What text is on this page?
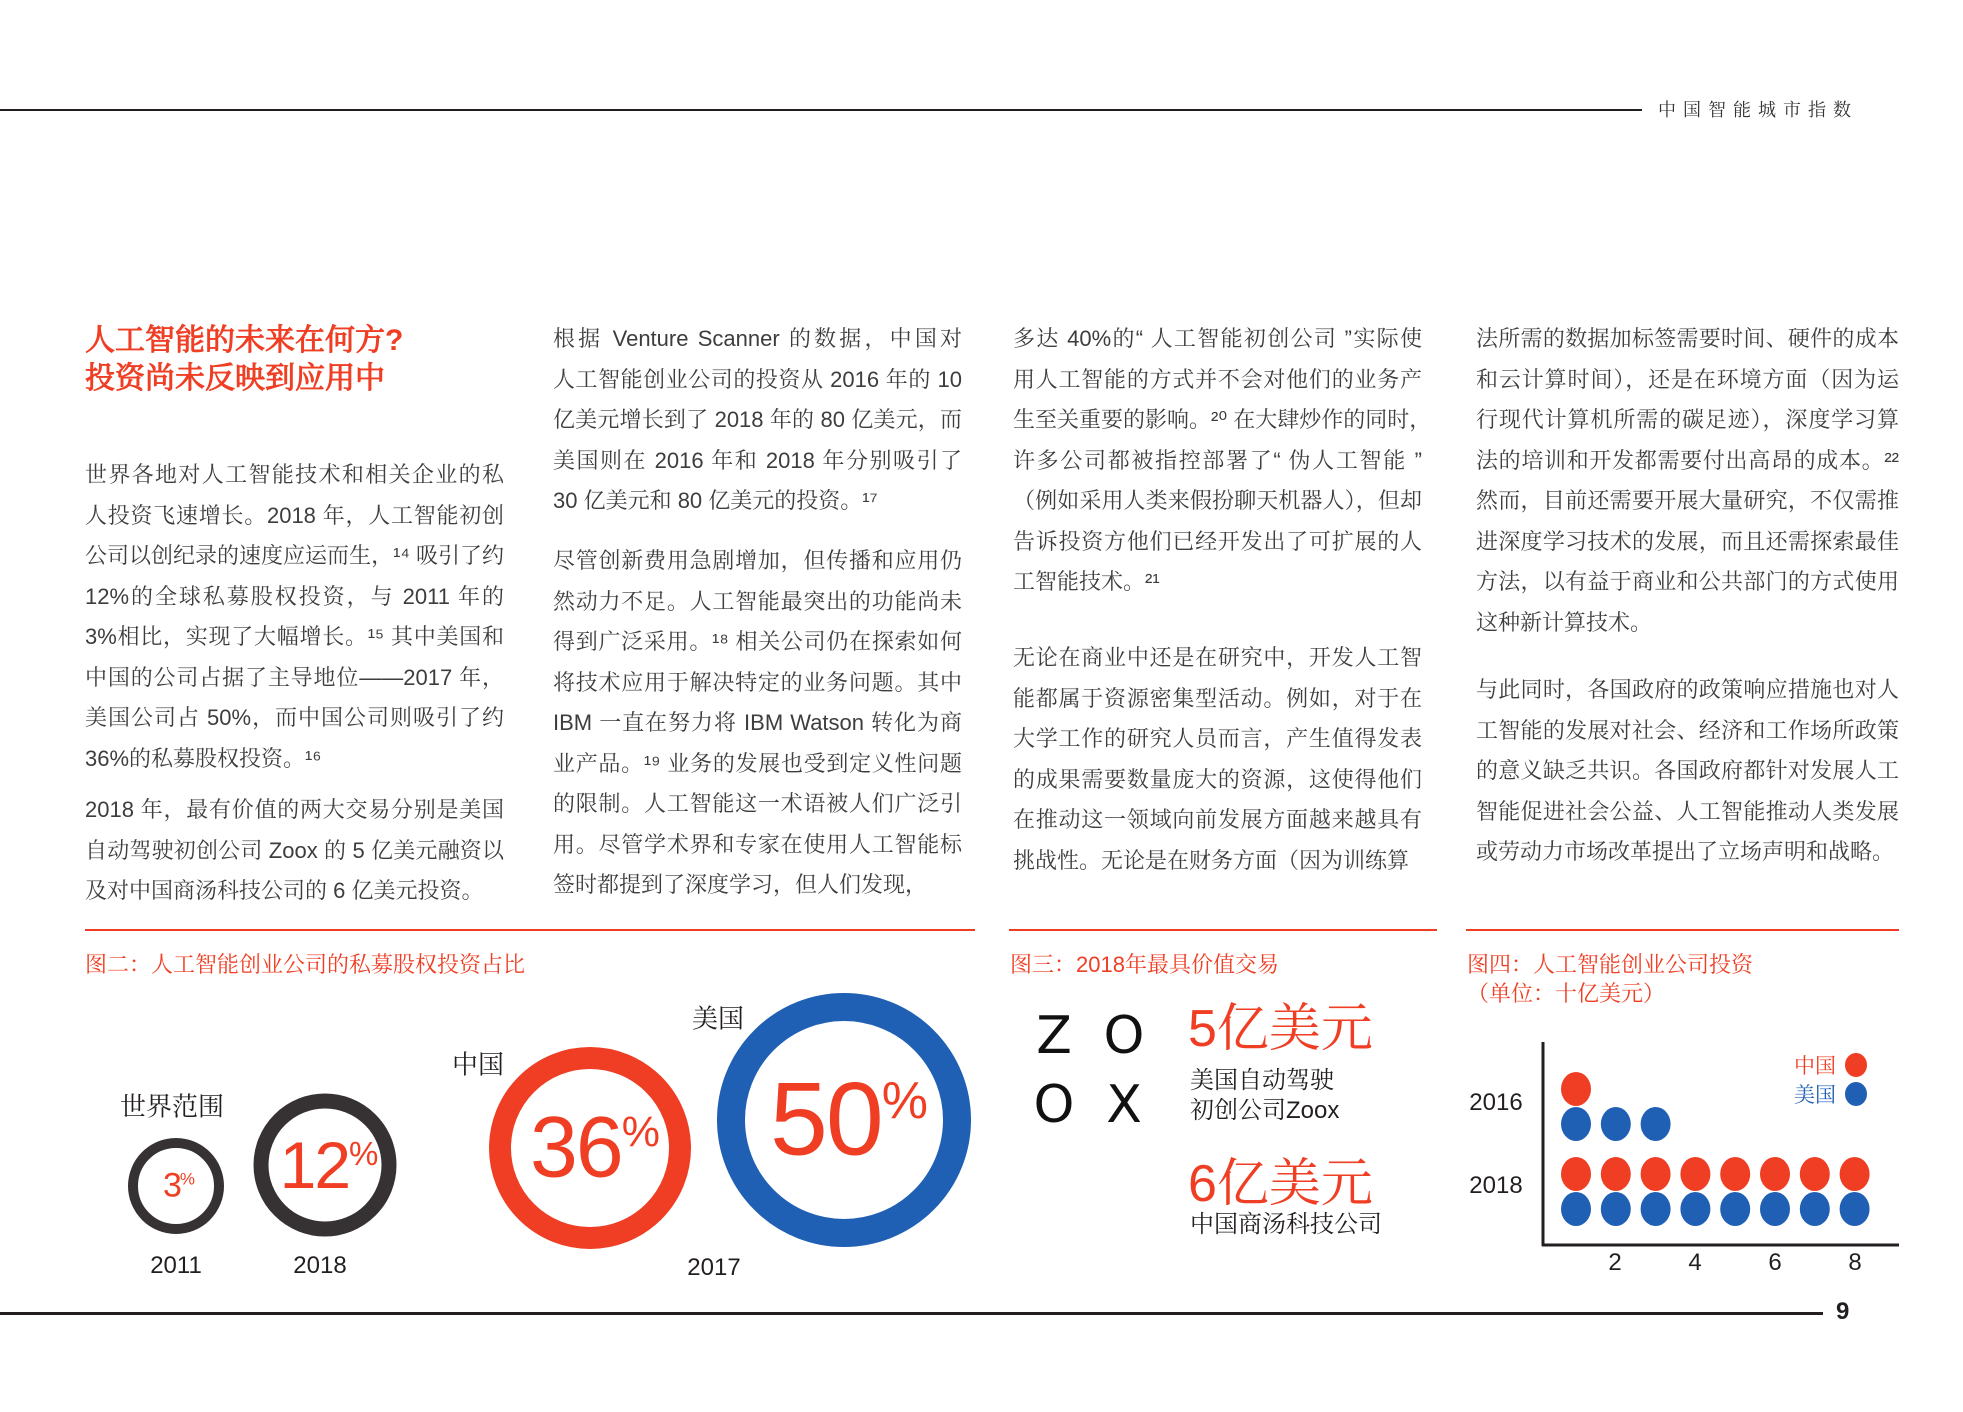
中国智能城市指数
人工智能的未来在何方?
投资尚未反映到应用中
世界各地对人工智能技术和相关企业的私
人投资飞速增长。2018 年，人工智能初创
公司以创纪录的速度应运而生，¹⁴ 吸引了约
12%的全球私募股权投资，与 2011 年的
3%相比，实现了大幅增长。¹⁵ 其中美国和
中国的公司占据了主导地位——2017 年，
美国公司占 50%，而中国公司则吸引了约
36%的私募股权投资。¹⁶
2018 年，最有价值的两大交易分别是美国
自动驾驶初创公司 Zoox 的 5 亿美元融资以
及对中国商汤科技公司的 6 亿美元投资。
根据 Venture Scanner 的数据，中国对
人工智能创业公司的投资从 2016 年的 10
亿美元增长到了 2018 年的 80 亿美元，而
美国则在 2016 年和 2018 年分别吸引了
30 亿美元和 80 亿美元的投资。¹⁷
尽管创新费用急剧增加，但传播和应用仍
然动力不足。人工智能最突出的功能尚未
得到广泛采用。¹⁸ 相关公司仍在探索如何
将技术应用于解决特定的业务问题。其中
IBM 一直在努力将 IBM Watson 转化为商
业产品。¹⁹ 业务的发展也受到定义性问题
的限制。人工智能这一术语被人们广泛引
用。尽管学术界和专家在使用人工智能标
签时都提到了深度学习，但人们发现，
多达 40%的“ 人工智能初创公司 ”实际使
用人工智能的方式并不会对他们的业务产
生至关重要的影响。²⁰ 在大肆炒作的同时，
许多公司都被指控部署了“ 伪人工智能 ”
（例如采用人类来假扮聊天机器人），但却
告诉投资方他们已经开发出了可扩展的人
工智能技术。²¹
无论在商业中还是在研究中，开发人工智
能都属于资源密集型活动。例如，对于在
大学工作的研究人员而言，产生值得发表
的成果需要数量庞大的资源，这使得他们
在推动这一领域向前发展方面越来越具有
挑战性。无论是在财务方面（因为训练算
法所需的数据加标签需要时间、硬件的成本
和云计算时间），还是在环境方面（因为运
行现代计算机所需的碳足迹），深度学习算
法的培训和开发都需要付出高昂的成本。²²
然而，目前还需要开展大量研究，不仅需推
进深度学习技术的发展，而且还需探索最佳
方法，以有益于商业和公共部门的方式使用
这种新计算技术。
与此同时，各国政府的政策响应措施也对人
工智能的发展对社会、经济和工作场所政策
的意义缺乏共识。各国政府都针对发展人工
智能促进社会公益、人工智能推动人类发展
或劳动力市场改革提出了立场声明和战略。
图二：人工智能创业公司的私募股权投资占比
世界范围
中国
美国
3% 12% 36% 50%
2011	2018	2017
图三：2018年最具价值交易
Z O
O X
5亿美元
美国自动驾驶
初创公司Zoox
6亿美元
中国商汤科技公司
图四：人工智能创业公司投资
（单位：十亿美元）
2016
2018
2	4	6	8
中国
美国
9
